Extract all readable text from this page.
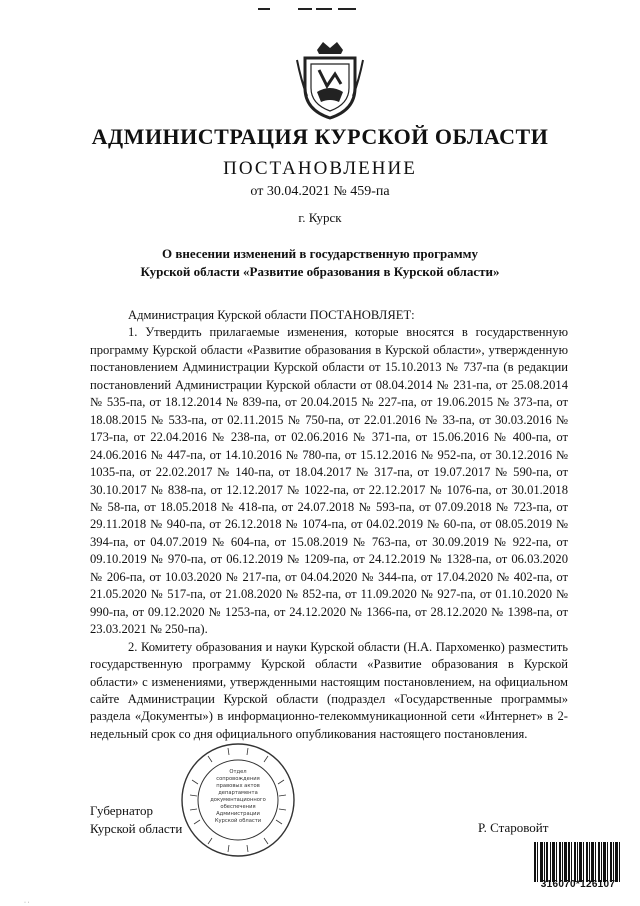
АДМИНИСТРАЦИЯ КУРСКОЙ ОБЛАСТИ
ПОСТАНОВЛЕНИЕ
от 30.04.2021 № 459-па
г. Курск
О внесении изменений в государственную программу
Курской области «Развитие образования в Курской области»

Администрация Курской области ПОСТАНОВЛЯЕТ:

1. Утвердить прилагаемые изменения, которые вносятся в государственную программу Курской области «Развитие образования в Курской области», утвержденную постановлением Администрации Курской области от 15.10.2013 № 737-па (в редакции постановлений Администрации Курской области от 08.04.2014 № 231-па, от 25.08.2014 № 535-па, от 18.12.2014 № 839-па, от 20.04.2015 № 227-па, от 19.06.2015 № 373-па, от 18.08.2015 № 533-па, от 02.11.2015 № 750-па, от 22.01.2016 № 33-па, от 30.03.2016 № 173-па, от 22.04.2016 № 238-па, от 02.06.2016 № 371-па, от 15.06.2016 № 400-па, от 24.06.2016 № 447-па, от 14.10.2016 № 780-па, от 15.12.2016 № 952-па, от 30.12.2016 № 1035-па, от 22.02.2017 № 140-па, от 18.04.2017 № 317-па, от 19.07.2017 № 590-па, от 30.10.2017 № 838-па, от 12.12.2017 № 1022-па, от 22.12.2017 № 1076-па, от 30.01.2018 № 58-па, от 18.05.2018 № 418-па, от 24.07.2018 № 593-па, от 07.09.2018 № 723-па, от 29.11.2018 № 940-па, от 26.12.2018 № 1074-па, от 04.02.2019 № 60-па, от 08.05.2019 № 394-па, от 04.07.2019 № 604-па, от 15.08.2019 № 763-па, от 30.09.2019 № 922-па, от 09.10.2019 № 970-па, от 06.12.2019 № 1209-па, от 24.12.2019 № 1328-па, от 06.03.2020 № 206-па, от 10.03.2020 № 217-па, от 04.04.2020 № 344-па, от 17.04.2020 № 402-па, от 21.05.2020 № 517-па, от 21.08.2020 № 852-па, от 11.09.2020 № 927-па, от 01.10.2020 № 990-па, от 09.12.2020 № 1253-па, от 24.12.2020 № 1366-па, от 28.12.2020 № 1398-па, от 23.03.2021 № 250-па).

2. Комитету образования и науки Курской области (Н.А. Пархоменко) разместить государственную программу Курской области «Развитие образования в Курской области» с изменениями, утвержденными настоящим постановлением, на официальном сайте Администрации Курской области (подраздел «Государственные программы» раздела «Документы») в информационно-телекоммуникационной сети «Интернет» в 2-недельный срок со дня официального опубликования настоящего постановления.

Отдел
сопровождения
правовых актов
департамента
документационного
обеспечения
Администрации
Курской области
Губернатор
Курской области	Р. Старовойт
316070*126107
· ·
